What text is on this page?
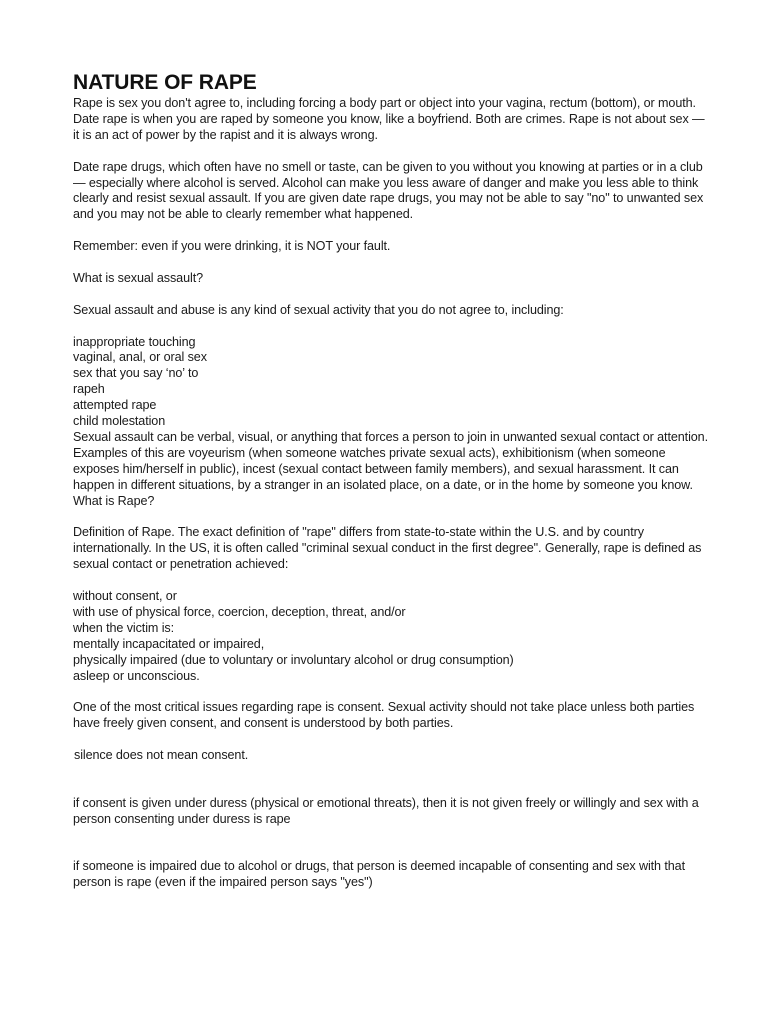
NATURE OF RAPE

Rape is sex you don't agree to, including forcing a body part or object into your vagina, rectum (bottom), or mouth. Date rape is when you are raped by someone you know, like a boyfriend. Both are crimes. Rape is not about sex — it is an act of power by the rapist and it is always wrong.

Date rape drugs, which often have no smell or taste, can be given to you without you knowing at parties or in a club — especially where alcohol is served. Alcohol can make you less aware of danger and make you less able to think clearly and resist sexual assault. If you are given date rape drugs, you may not be able to say "no" to unwanted sex and you may not be able to clearly remember what happened.

Remember: even if you were drinking, it is NOT your fault.

What is sexual assault?

Sexual assault and abuse is any kind of sexual activity that you do not agree to, including:

inappropriate touching

vaginal, anal, or oral sex

sex that you say ‘no’ to

rapeh

attempted rape

child molestation

Sexual assault can be verbal, visual, or anything that forces a person to join in unwanted sexual contact or attention. Examples of this are voyeurism (when someone watches private sexual acts), exhibitionism (when someone exposes him/herself in public), incest (sexual contact between family members), and sexual harassment. It can happen in different situations, by a stranger in an isolated place, on a date, or in the home by someone you know.

What is Rape?

Definition of Rape. The exact definition of "rape" differs from state-to-state within the U.S. and by country internationally. In the US, it is often called "criminal sexual conduct in the first degree". Generally, rape is defined as sexual contact or penetration achieved:

without consent, or

with use of physical force, coercion, deception, threat, and/or

when the victim is:

mentally incapacitated or impaired,

physically impaired (due to voluntary or involuntary alcohol or drug consumption)

asleep or unconscious.

One of the most critical issues regarding rape is consent. Sexual activity should not take place unless both parties have freely given consent, and consent is understood by both parties.

silence does not mean consent.

if consent is given under duress (physical or emotional threats), then it is not given freely or willingly and sex with a person consenting under duress is rape

if someone is impaired due to alcohol or drugs, that person is deemed incapable of consenting and sex with that person is rape (even if the impaired person says "yes")
